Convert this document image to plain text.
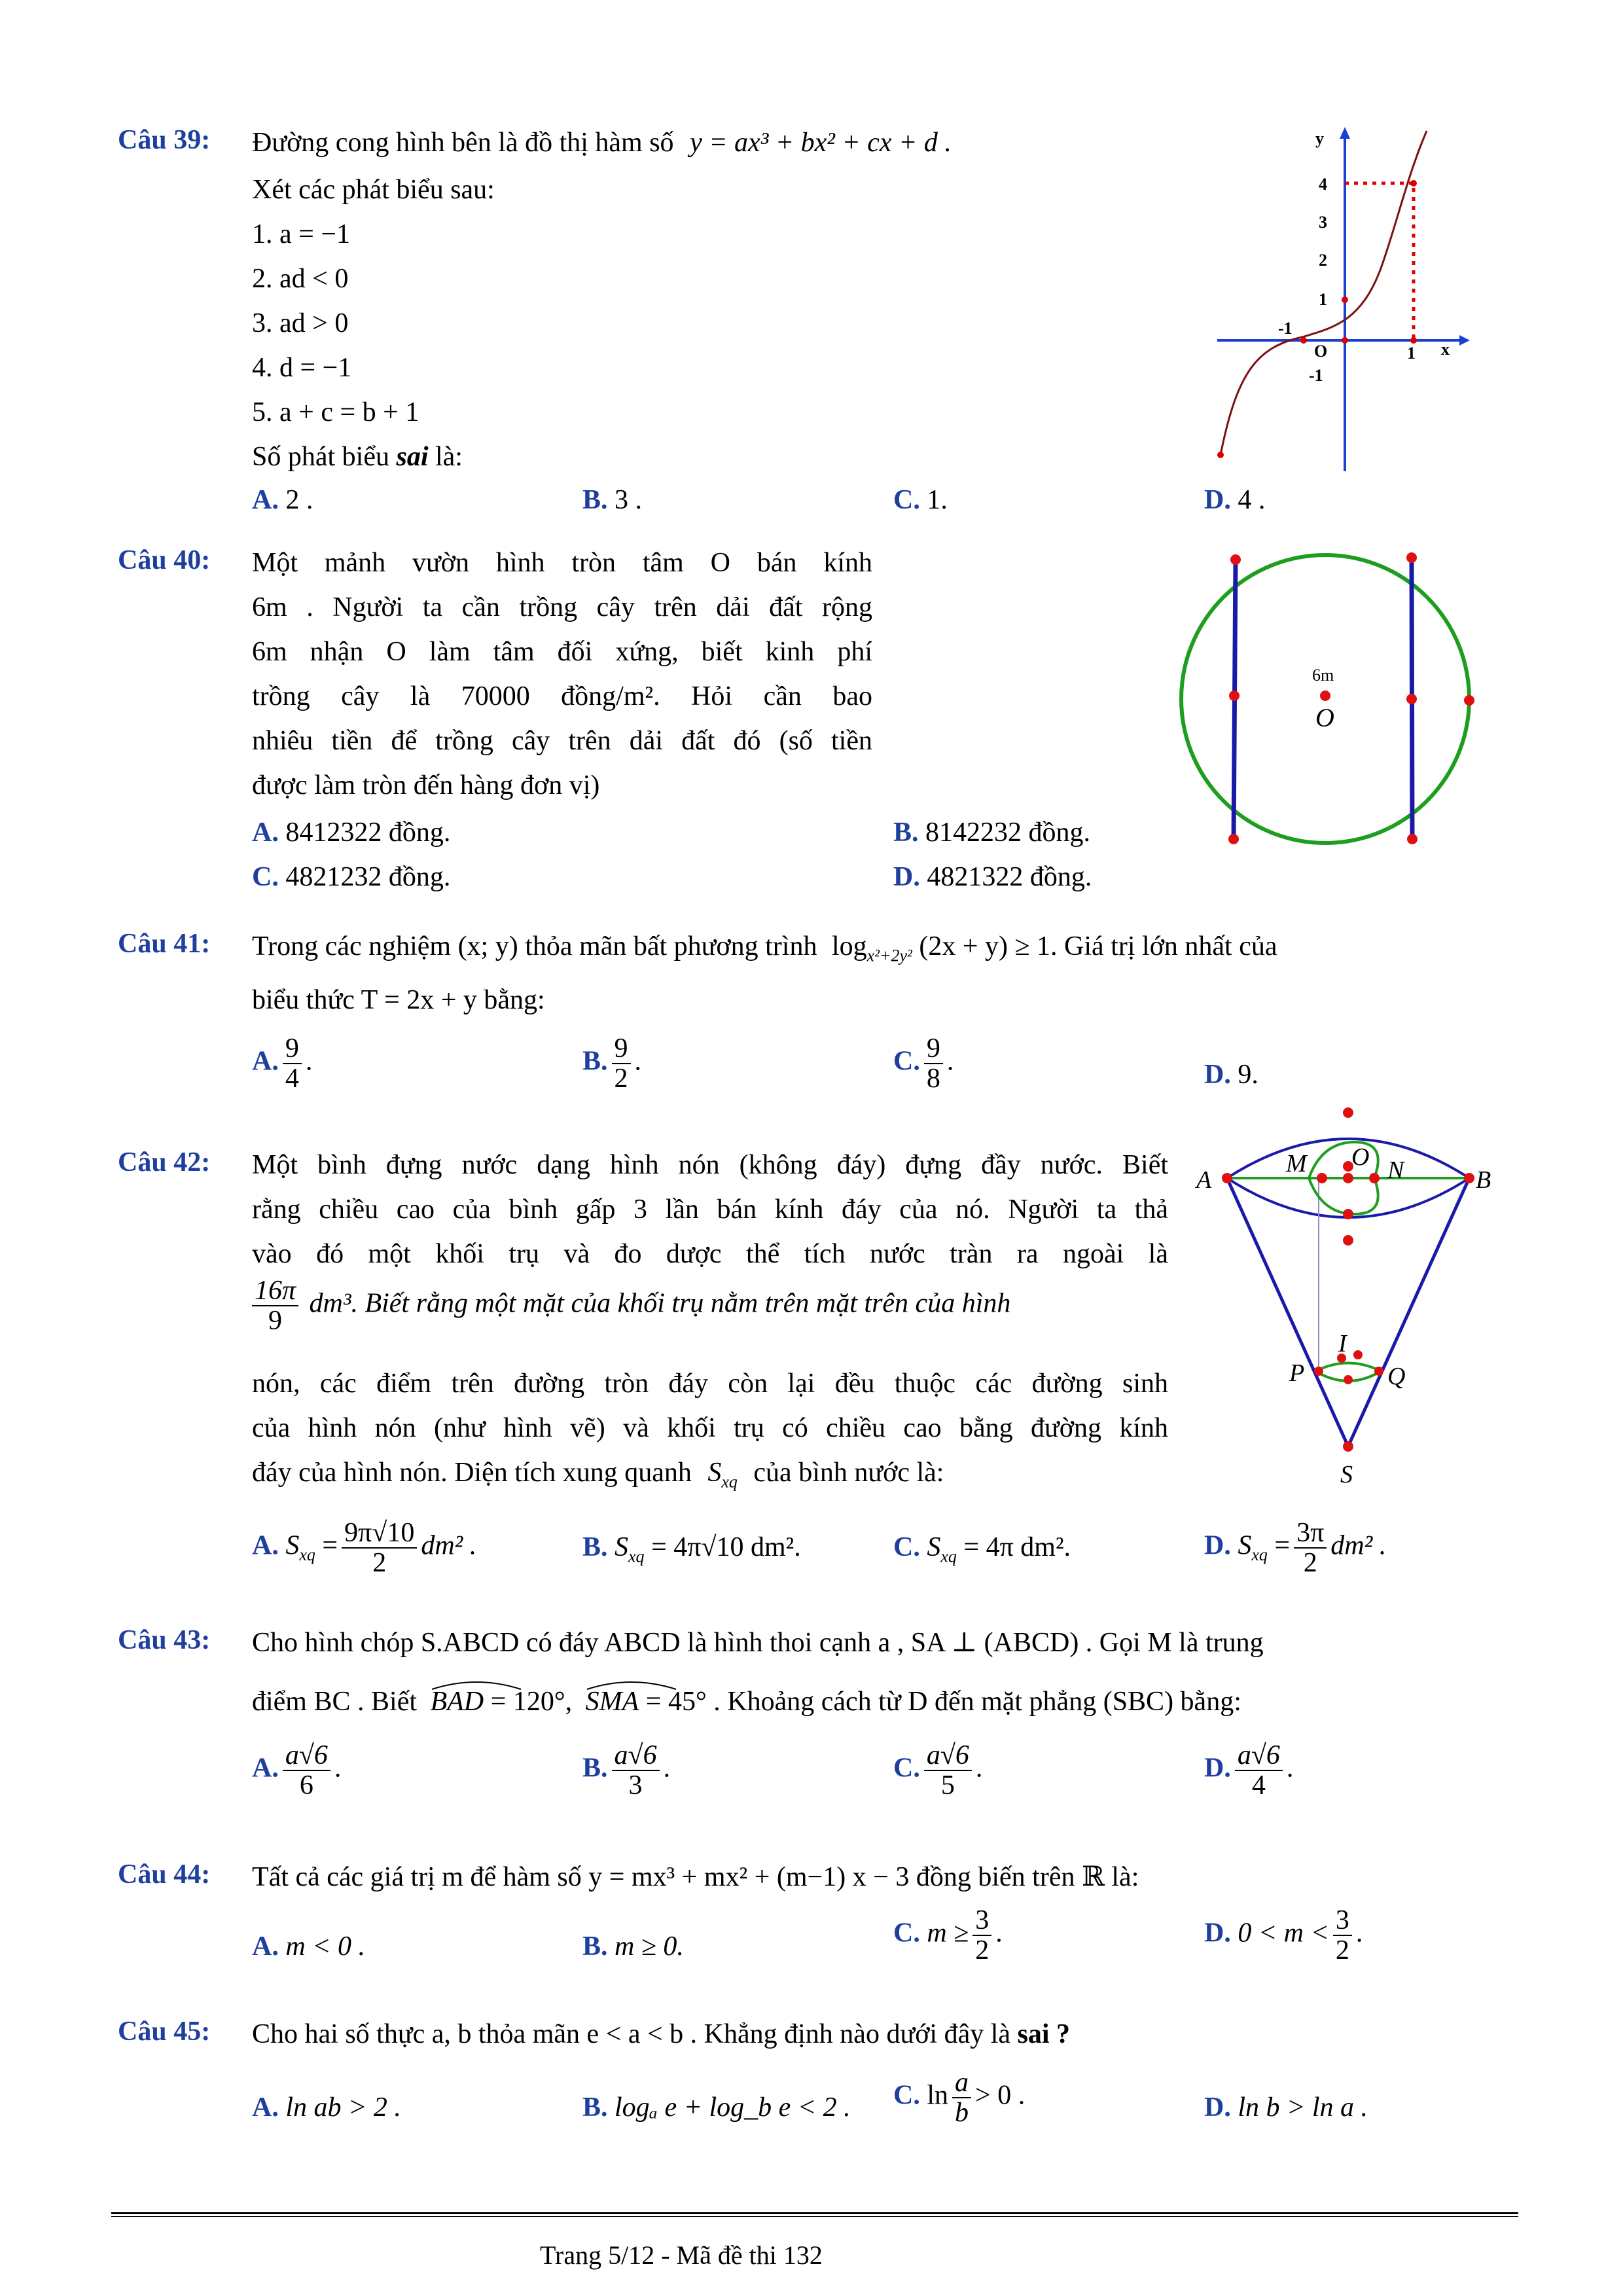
Câu 39: Đường cong hình bên là đồ thị hàm số y = ax³ + bx² + cx + d .
Xét các phát biểu sau:
1. a = −1
2. ad < 0
3. ad > 0
4. d = −1
5. a + c = b + 1
Số phát biểu sai là:
A. 2 .	B. 3 .	C. 1.	D. 4 .
y
x
O
4
3
2
1
-1
-1
1
Câu 40: Một mảnh vườn hình tròn tâm O bán kính
6m . Người ta cần trồng cây trên dải đất rộng
6m nhận O làm tâm đối xứng, biết kinh phí
trồng cây là 70000 đồng/m². Hỏi cần bao
nhiêu tiền để trồng cây trên dải đất đó (số tiền
được làm tròn đến hàng đơn vị)
A. 8412322 đồng.	B. 8142232 đồng.
C. 4821232 đồng.	D. 4821322 đồng.
6m
O
Câu 41: Trong các nghiệm (x; y) thỏa mãn bất phương trình $\log_{x^2+2y^2} (2x + y) \ge 1$. Giá trị lớn nhất của
biểu thức T = 2x + y bằng:
A. $\frac{9}{4}$ .	B. $\frac{9}{2}$ .	C. $\frac{9}{8}$ .	D. 9.
Câu 42: Một bình đựng nước dạng hình nón (không đáy) đựng đầy nước. Biết
rằng chiều cao của bình gấp 3 lần bán kính đáy của nó. Người ta thả
vào đó một khối trụ và đo dược thể tích nước tràn ra ngoài là
$\frac{16\pi}{9} dm^3$. Biết rằng một mặt của khối trụ nằm trên mặt trên của hình
nón, các điểm trên đường tròn đáy còn lại đều thuộc các đường sinh
của hình nón (như hình vẽ) và khối trụ có chiều cao bằng đường kính
đáy của hình nón. Diện tích xung quanh $S_{xq}$ của bình nước là:
A. $S_{xq} = \frac{9\pi√10}{2} dm^2$ .	B. $S_{xq} = 4\pi√10$ dm².	C. $S_{xq} = 4\pi$ dm².	D. $S_{xq} = \frac{3\pi}{2} dm^2$ .
A
M O N	B
I
P	Q
S
Câu 43: Cho hình chóp S.ABCD có đáy ABCD là hình thoi cạnh a , SA ⊥ (ABCD) . Gọi M là trung
điểm BC . Biết BAD = 120°, SMA = 45° . Khoảng cách từ D đến mặt phẳng (SBC) bằng:
A. $\frac{a√6}{6}$ .	B. $\frac{a√6}{3}$ .	C. $\frac{a√6}{5}$ .	D. $\frac{a√6}{4}$ .
Câu 44: Tất cả các giá trị m để hàm số y = mx³ + mx² + (m−1) x − 3 đồng biến trên ℝ là:
A. m < 0 .	B. m ≥ 0.	C. $m \ge \frac{3}{2}$ .	D. $0 < m < \frac{3}{2}$ .
Câu 45: Cho hai số thực a, b thỏa mãn e < a < b . Khẳng định nào dưới đây là sai ?
A. ln ab > 2 .	B. logₐ e + log_b e < 2 . C. $\ln \frac{a}{b} > 0$ .	D. ln b > ln a .
Trang 5/12 - Mã đề thi 132
